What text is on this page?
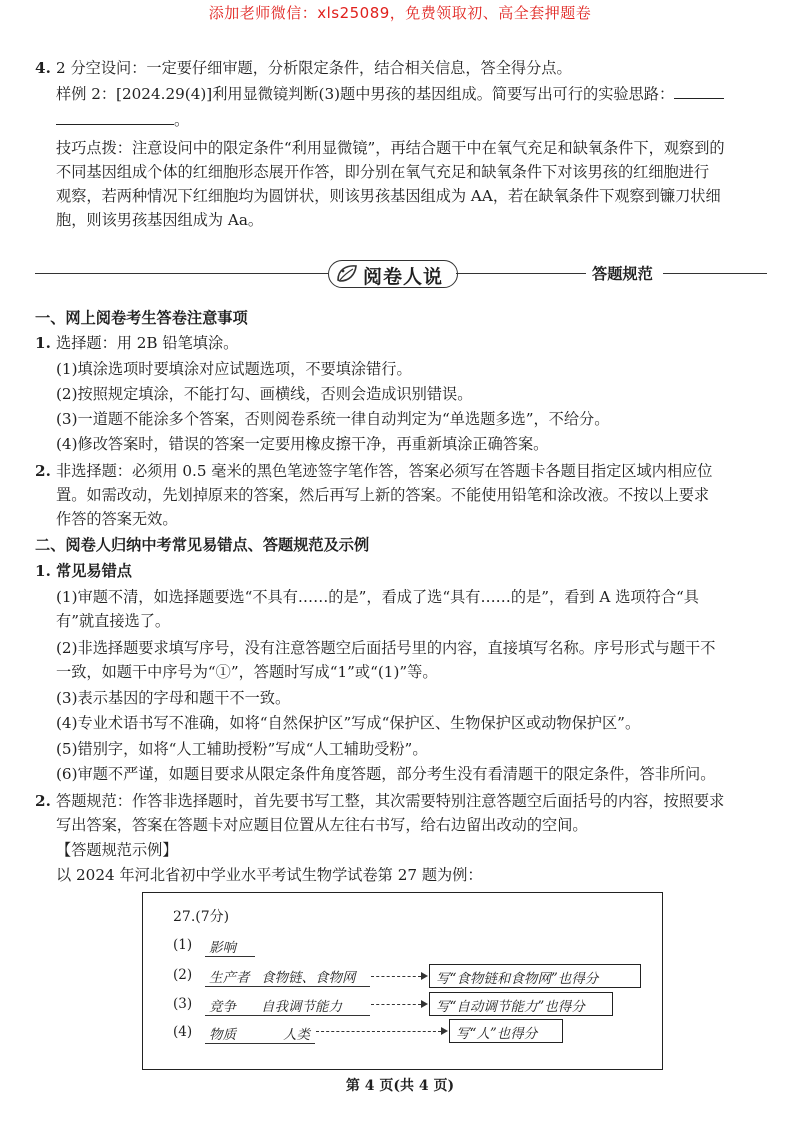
添加老师微信：xls25089，免费领取初、高全套押题卷
4. 2 分空设问：一定要仔细审题，分析限定条件，结合相关信息，答全得分点。
样例 2：[2024.29(4)]利用显微镜判断(3)题中男孩的基因组成。简要写出可行的实验思路：
。
技巧点拨：注意设问中的限定条件“利用显微镜”，再结合题干中在氧气充足和缺氧条件下，观察到的
不同基因组成个体的红细胞形态展开作答，即分别在氧气充足和缺氧条件下对该男孩的红细胞进行
观察，若两种情况下红细胞均为圆饼状，则该男孩基因组成为 AA，若在缺氧条件下观察到镰刀状细
胞，则该男孩基因组成为 Aa。
阅卷人说	答题规范
一、网上阅卷考生答卷注意事项
1. 选择题：用 2B 铅笔填涂。
(1)填涂选项时要填涂对应试题选项，不要填涂错行。
(2)按照规定填涂，不能打勾、画横线，否则会造成识别错误。
(3)一道题不能涂多个答案，否则阅卷系统一律自动判定为“单选题多选”，不给分。
(4)修改答案时，错误的答案一定要用橡皮擦干净，再重新填涂正确答案。
2. 非选择题：必须用 0.5 毫米的黑色笔迹签字笔作答，答案必须写在答题卡各题目指定区域内相应位
置。如需改动，先划掉原来的答案，然后再写上新的答案。不能使用铅笔和涂改液。不按以上要求
作答的答案无效。
二、阅卷人归纳中考常见易错点、答题规范及示例
1. 常见易错点
(1)审题不清，如选择题要选“不具有……的是”，看成了选“具有……的是”，看到 A 选项符合“具
有”就直接选了。
(2)非选择题要求填写序号，没有注意答题空后面括号里的内容，直接填写名称。序号形式与题干不
一致，如题干中序号为“①”，答题时写成“1”或“(1)”等。
(3)表示基因的字母和题干不一致。
(4)专业术语书写不准确，如将“自然保护区”写成“保护区、生物保护区或动物保护区”。
(5)错别字，如将“人工辅助授粉”写成“人工辅助受粉”。
(6)审题不严谨，如题目要求从限定条件角度答题，部分考生没有看清题干的限定条件，答非所问。
2. 答题规范：作答非选择题时，首先要书写工整，其次需要特别注意答题空后面括号的内容，按照要求
写出答案，答案在答题卡对应题目位置从左往右书写，给右边留出改动的空间。
【答题规范示例】
以 2024 年河北省初中学业水平考试生物学试卷第 27 题为例：
27.(7分)
(1) 影响
(2) 生产者 食物链、食物网	写“食物链和食物网”也得分
(3) 竞争 自我调节能力	写“自动调节能力”也得分
(4) 物质	人类	写“人”也得分
第 4 页(共 4 页)
